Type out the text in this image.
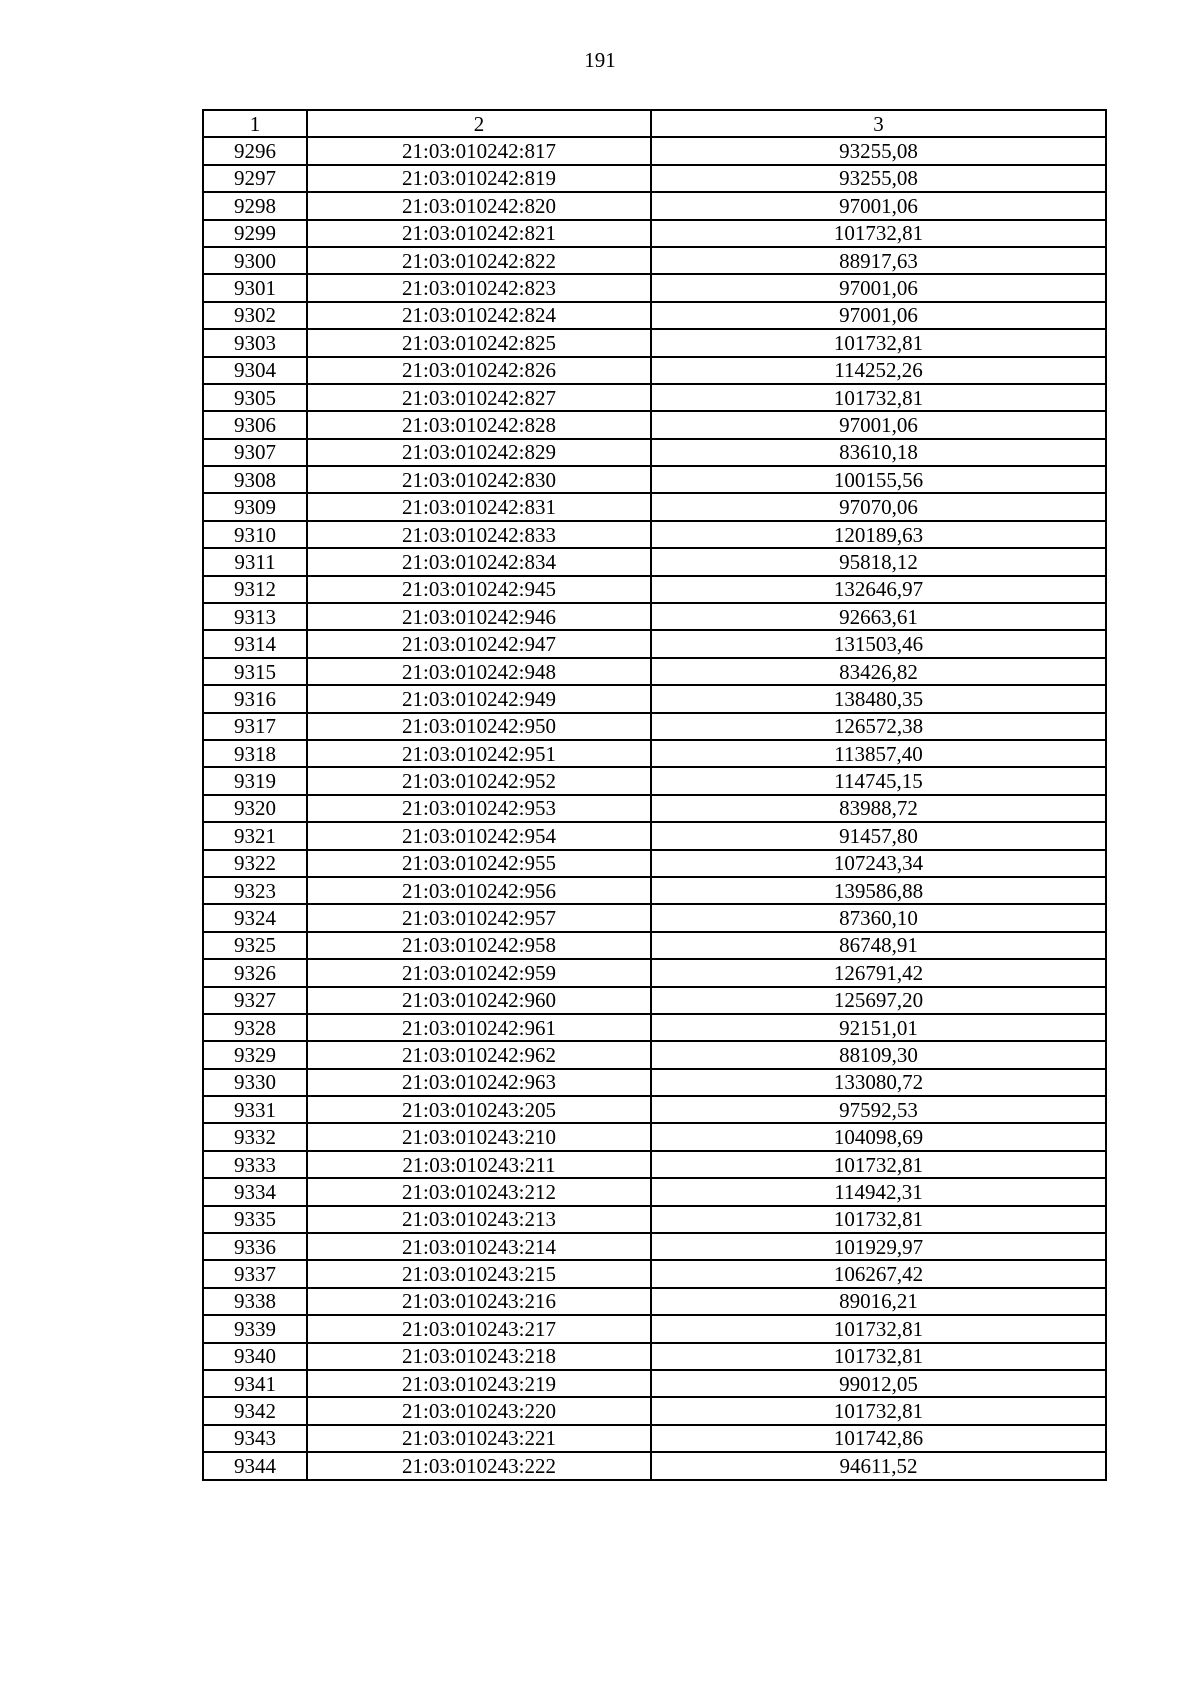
191
1	2	3
9296	21:03:010242:817	93255,08
9297	21:03:010242:819	93255,08
9298	21:03:010242:820	97001,06
9299	21:03:010242:821	101732,81
9300	21:03:010242:822	88917,63
9301	21:03:010242:823	97001,06
9302	21:03:010242:824	97001,06
9303	21:03:010242:825	101732,81
9304	21:03:010242:826	114252,26
9305	21:03:010242:827	101732,81
9306	21:03:010242:828	97001,06
9307	21:03:010242:829	83610,18
9308	21:03:010242:830	100155,56
9309	21:03:010242:831	97070,06
9310	21:03:010242:833	120189,63
9311	21:03:010242:834	95818,12
9312	21:03:010242:945	132646,97
9313	21:03:010242:946	92663,61
9314	21:03:010242:947	131503,46
9315	21:03:010242:948	83426,82
9316	21:03:010242:949	138480,35
9317	21:03:010242:950	126572,38
9318	21:03:010242:951	113857,40
9319	21:03:010242:952	114745,15
9320	21:03:010242:953	83988,72
9321	21:03:010242:954	91457,80
9322	21:03:010242:955	107243,34
9323	21:03:010242:956	139586,88
9324	21:03:010242:957	87360,10
9325	21:03:010242:958	86748,91
9326	21:03:010242:959	126791,42
9327	21:03:010242:960	125697,20
9328	21:03:010242:961	92151,01
9329	21:03:010242:962	88109,30
9330	21:03:010242:963	133080,72
9331	21:03:010243:205	97592,53
9332	21:03:010243:210	104098,69
9333	21:03:010243:211	101732,81
9334	21:03:010243:212	114942,31
9335	21:03:010243:213	101732,81
9336	21:03:010243:214	101929,97
9337	21:03:010243:215	106267,42
9338	21:03:010243:216	89016,21
9339	21:03:010243:217	101732,81
9340	21:03:010243:218	101732,81
9341	21:03:010243:219	99012,05
9342	21:03:010243:220	101732,81
9343	21:03:010243:221	101742,86
9344	21:03:010243:222	94611,52
